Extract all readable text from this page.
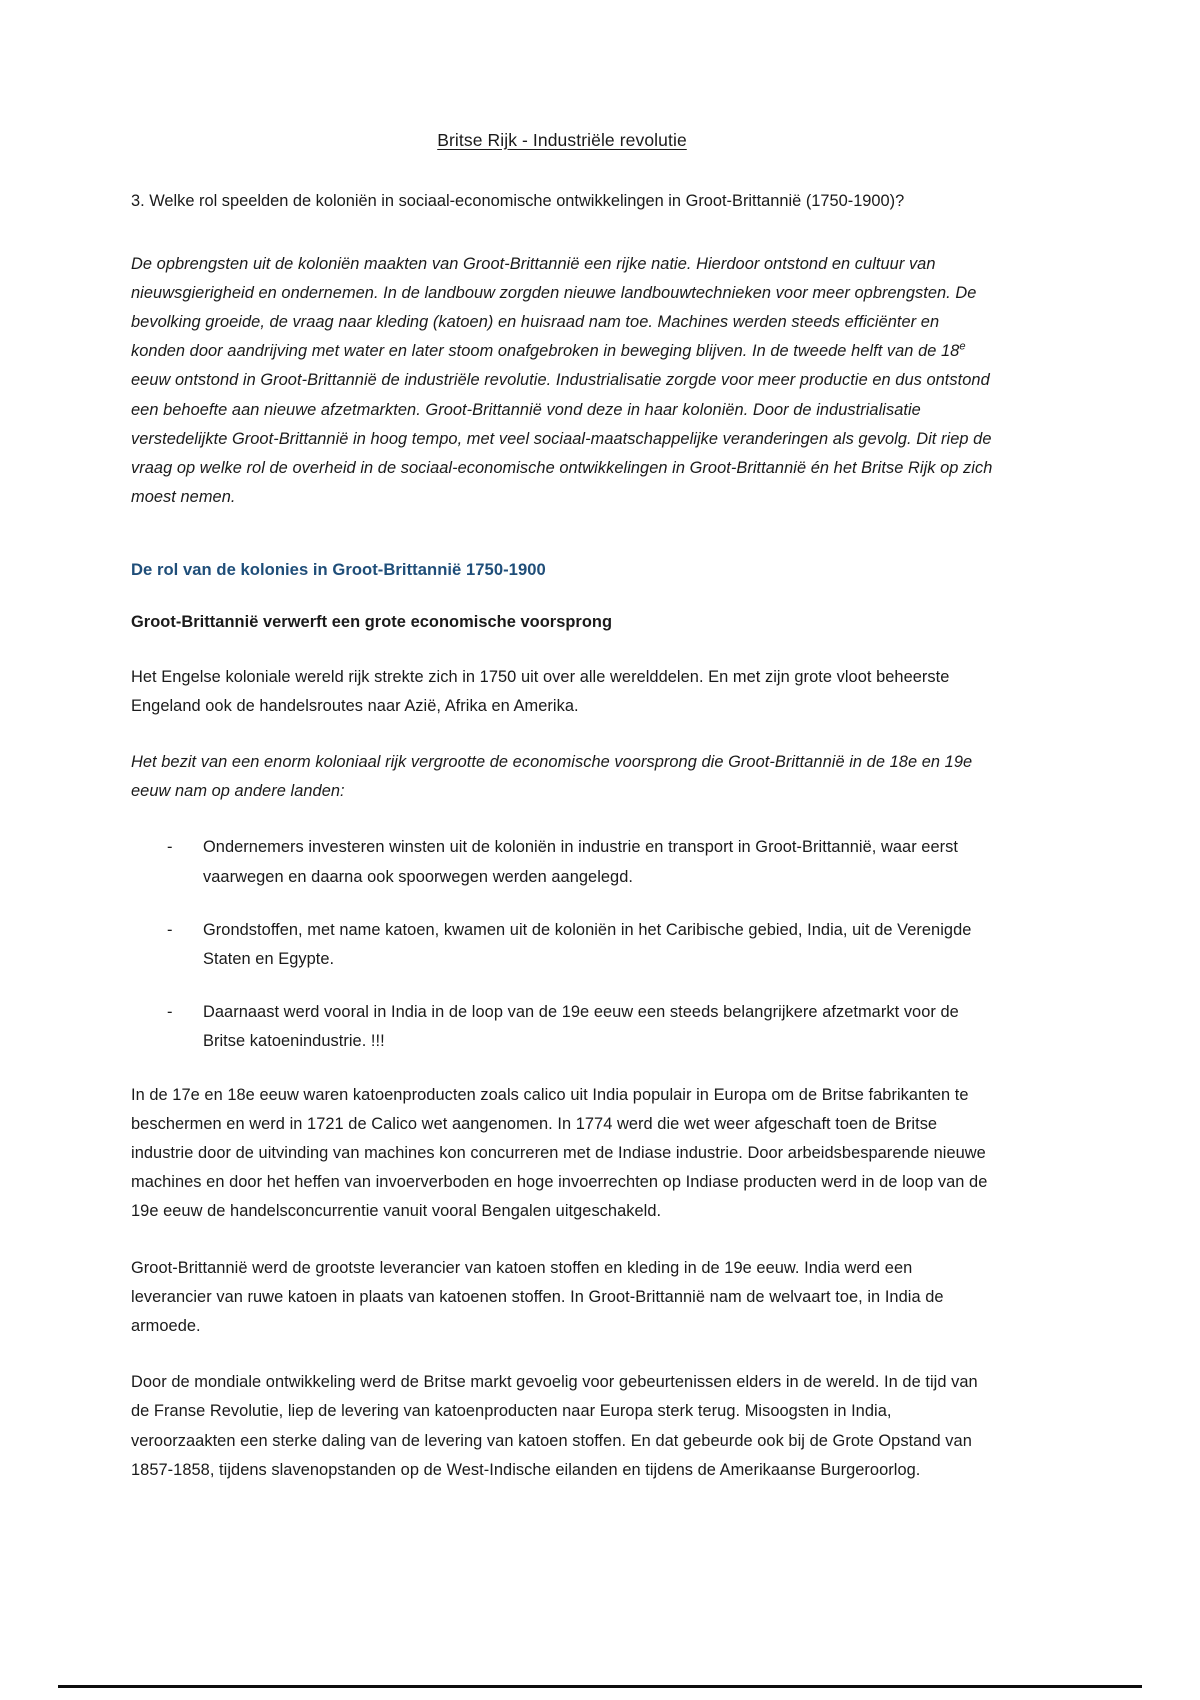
Britse Rijk - Industriële revolutie

3. Welke rol speelden de koloniën in sociaal-economische ontwikkelingen in Groot-Brittannië (1750-1900)?

De opbrengsten uit de koloniën maakten van Groot-Brittannië een rijke natie. Hierdoor ontstond en cultuur van nieuwsgierigheid en ondernemen. In de landbouw zorgden nieuwe landbouwtechnieken voor meer opbrengsten. De bevolking groeide, de vraag naar kleding (katoen) en huisraad nam toe. Machines werden steeds efficiënter en konden door aandrijving met water en later stoom onafgebroken in beweging blijven. In de tweede helft van de 18e eeuw ontstond in Groot-Brittannië de industriële revolutie. Industrialisatie zorgde voor meer productie en dus ontstond een behoefte aan nieuwe afzetmarkten. Groot-Brittannië vond deze in haar koloniën. Door de industrialisatie verstedelijkte Groot-Brittannië in hoog tempo, met veel sociaal-maatschappelijke veranderingen als gevolg. Dit riep de vraag op welke rol de overheid in de sociaal-economische ontwikkelingen in Groot-Brittannië én het Britse Rijk op zich moest nemen.

De rol van de kolonies in Groot-Brittannië 1750-1900
Groot-Brittannië verwerft een grote economische voorsprong

Het Engelse koloniale wereld rijk strekte zich in 1750 uit over alle werelddelen. En met zijn grote vloot beheerste Engeland ook de handelsroutes naar Azië, Afrika en Amerika.

Het bezit van een enorm koloniaal rijk vergrootte de economische voorsprong die Groot-Brittannië in de 18e en 19e eeuw nam op andere landen:

- Ondernemers investeren winsten uit de koloniën in industrie en transport in Groot-Brittannië, waar eerst vaarwegen en daarna ook spoorwegen werden aangelegd.
- Grondstoffen, met name katoen, kwamen uit de koloniën in het Caribische gebied, India, uit de Verenigde Staten en Egypte.
- Daarnaast werd vooral in India in de loop van de 19e eeuw een steeds belangrijkere afzetmarkt voor de Britse katoenindustrie. !!!

In de 17e en 18e eeuw waren katoenproducten zoals calico uit India populair in Europa om de Britse fabrikanten te beschermen en werd in 1721 de Calico wet aangenomen. In 1774 werd die wet weer afgeschaft toen de Britse industrie door de uitvinding van machines kon concurreren met de Indiase industrie. Door arbeidsbesparende nieuwe machines en door het heffen van invoerverboden en hoge invoerrechten op Indiase producten werd in de loop van de 19e eeuw de handelsconcurrentie vanuit vooral Bengalen uitgeschakeld.

Groot-Brittannië werd de grootste leverancier van katoen stoffen en kleding in de 19e eeuw. India werd een leverancier van ruwe katoen in plaats van katoenen stoffen. In Groot-Brittannië nam de welvaart toe, in India de armoede.

Door de mondiale ontwikkeling werd de Britse markt gevoelig voor gebeurtenissen elders in de wereld. In de tijd van de Franse Revolutie, liep de levering van katoenproducten naar Europa sterk terug. Misoogsten in India, veroorzaakten een sterke daling van de levering van katoen stoffen. En dat gebeurde ook bij de Grote Opstand van 1857-1858, tijdens slavenopstanden op de West-Indische eilanden en tijdens de Amerikaanse Burgeroorlog.
